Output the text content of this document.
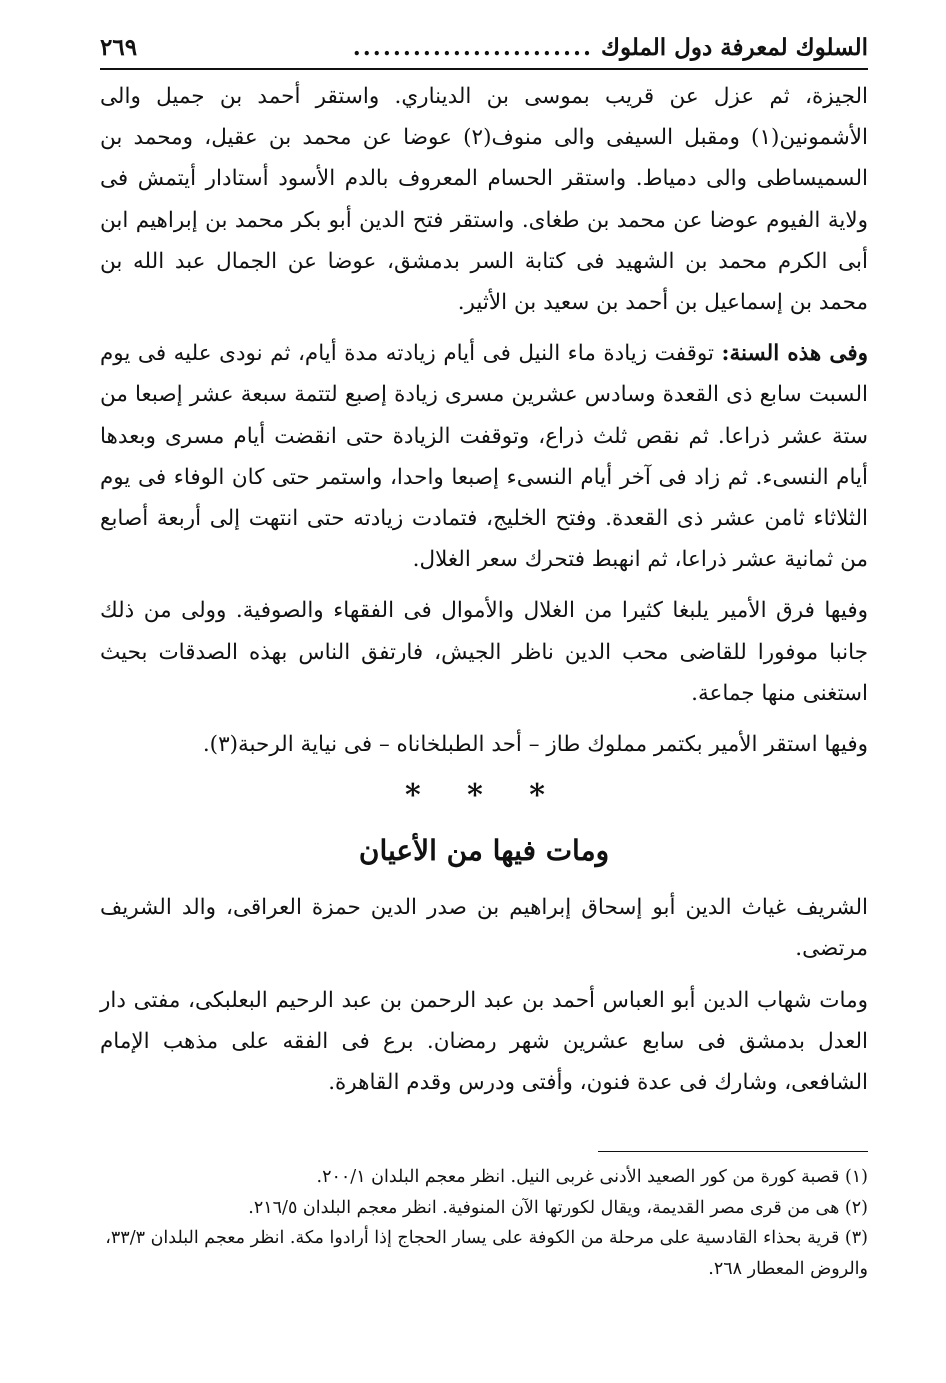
السلوك لمعرفة دول الملوك
........................
٢٦٩

الجيزة، ثم عزل عن قريب بموسى بن الديناري. واستقر أحمد بن جميل والى الأشمونين(١) ومقبل السيفى والى منوف(٢) عوضا عن محمد بن عقيل، ومحمد بن السميساطى والى دمياط. واستقر الحسام المعروف بالدم الأسود أستادار أيتمش فى ولاية الفيوم عوضا عن محمد بن طغاى. واستقر فتح الدين أبو بكر محمد بن إبراهيم ابن أبى الكرم محمد بن الشهيد فى كتابة السر بدمشق، عوضا عن الجمال عبد الله بن محمد بن إسماعيل بن أحمد بن سعيد بن الأثير.

وفى هذه السنة: توقفت زيادة ماء النيل فى أيام زيادته مدة أيام، ثم نودى عليه فى يوم السبت سابع ذى القعدة وسادس عشرين مسرى زيادة إصبع لتتمة سبعة عشر إصبعا من ستة عشر ذراعا. ثم نقص ثلث ذراع، وتوقفت الزيادة حتى انقضت أيام مسرى وبعدها أيام النسىء. ثم زاد فى آخر أيام النسىء إصبعا واحدا، واستمر حتى كان الوفاء فى يوم الثلاثاء ثامن عشر ذى القعدة. وفتح الخليج، فتمادت زيادته حتى انتهت إلى أربعة أصابع من ثمانية عشر ذراعا، ثم انهبط فتحرك سعر الغلال.

وفيها فرق الأمير يلبغا كثيرا من الغلال والأموال فى الفقهاء والصوفية. وولى من ذلك جانبا موفورا للقاضى محب الدين ناظر الجيش، فارتفق الناس بهذه الصدقات بحيث استغنى منها جماعة.

وفيها استقر الأمير بكتمر مملوك طاز – أحد الطبلخاناه – فى نياية الرحبة(٣).

* * *
ومات فيها من الأعيان

الشريف غياث الدين أبو إسحاق إبراهيم بن صدر الدين حمزة العراقى، والد الشريف مرتضى.

ومات شهاب الدين أبو العباس أحمد بن عبد الرحمن بن عبد الرحيم البعلبكى، مفتى دار العدل بدمشق فى سابع عشرين شهر رمضان. برع فى الفقه على مذهب الإمام الشافعى، وشارك فى عدة فنون، وأفتى ودرس وقدم القاهرة.

(١) قصبة كورة من كور الصعيد الأدنى غربى النيل. انظر معجم البلدان ٢٠٠/١.

(٢) هى من قرى مصر القديمة، ويقال لكورتها الآن المنوفية. انظر معجم البلدان ٢١٦/٥.

(٣) قرية بحذاء القادسية على مرحلة من الكوفة على يسار الحجاج إذا أرادوا مكة. انظر معجم البلدان ٣٣/٣، والروض المعطار ٢٦٨.
